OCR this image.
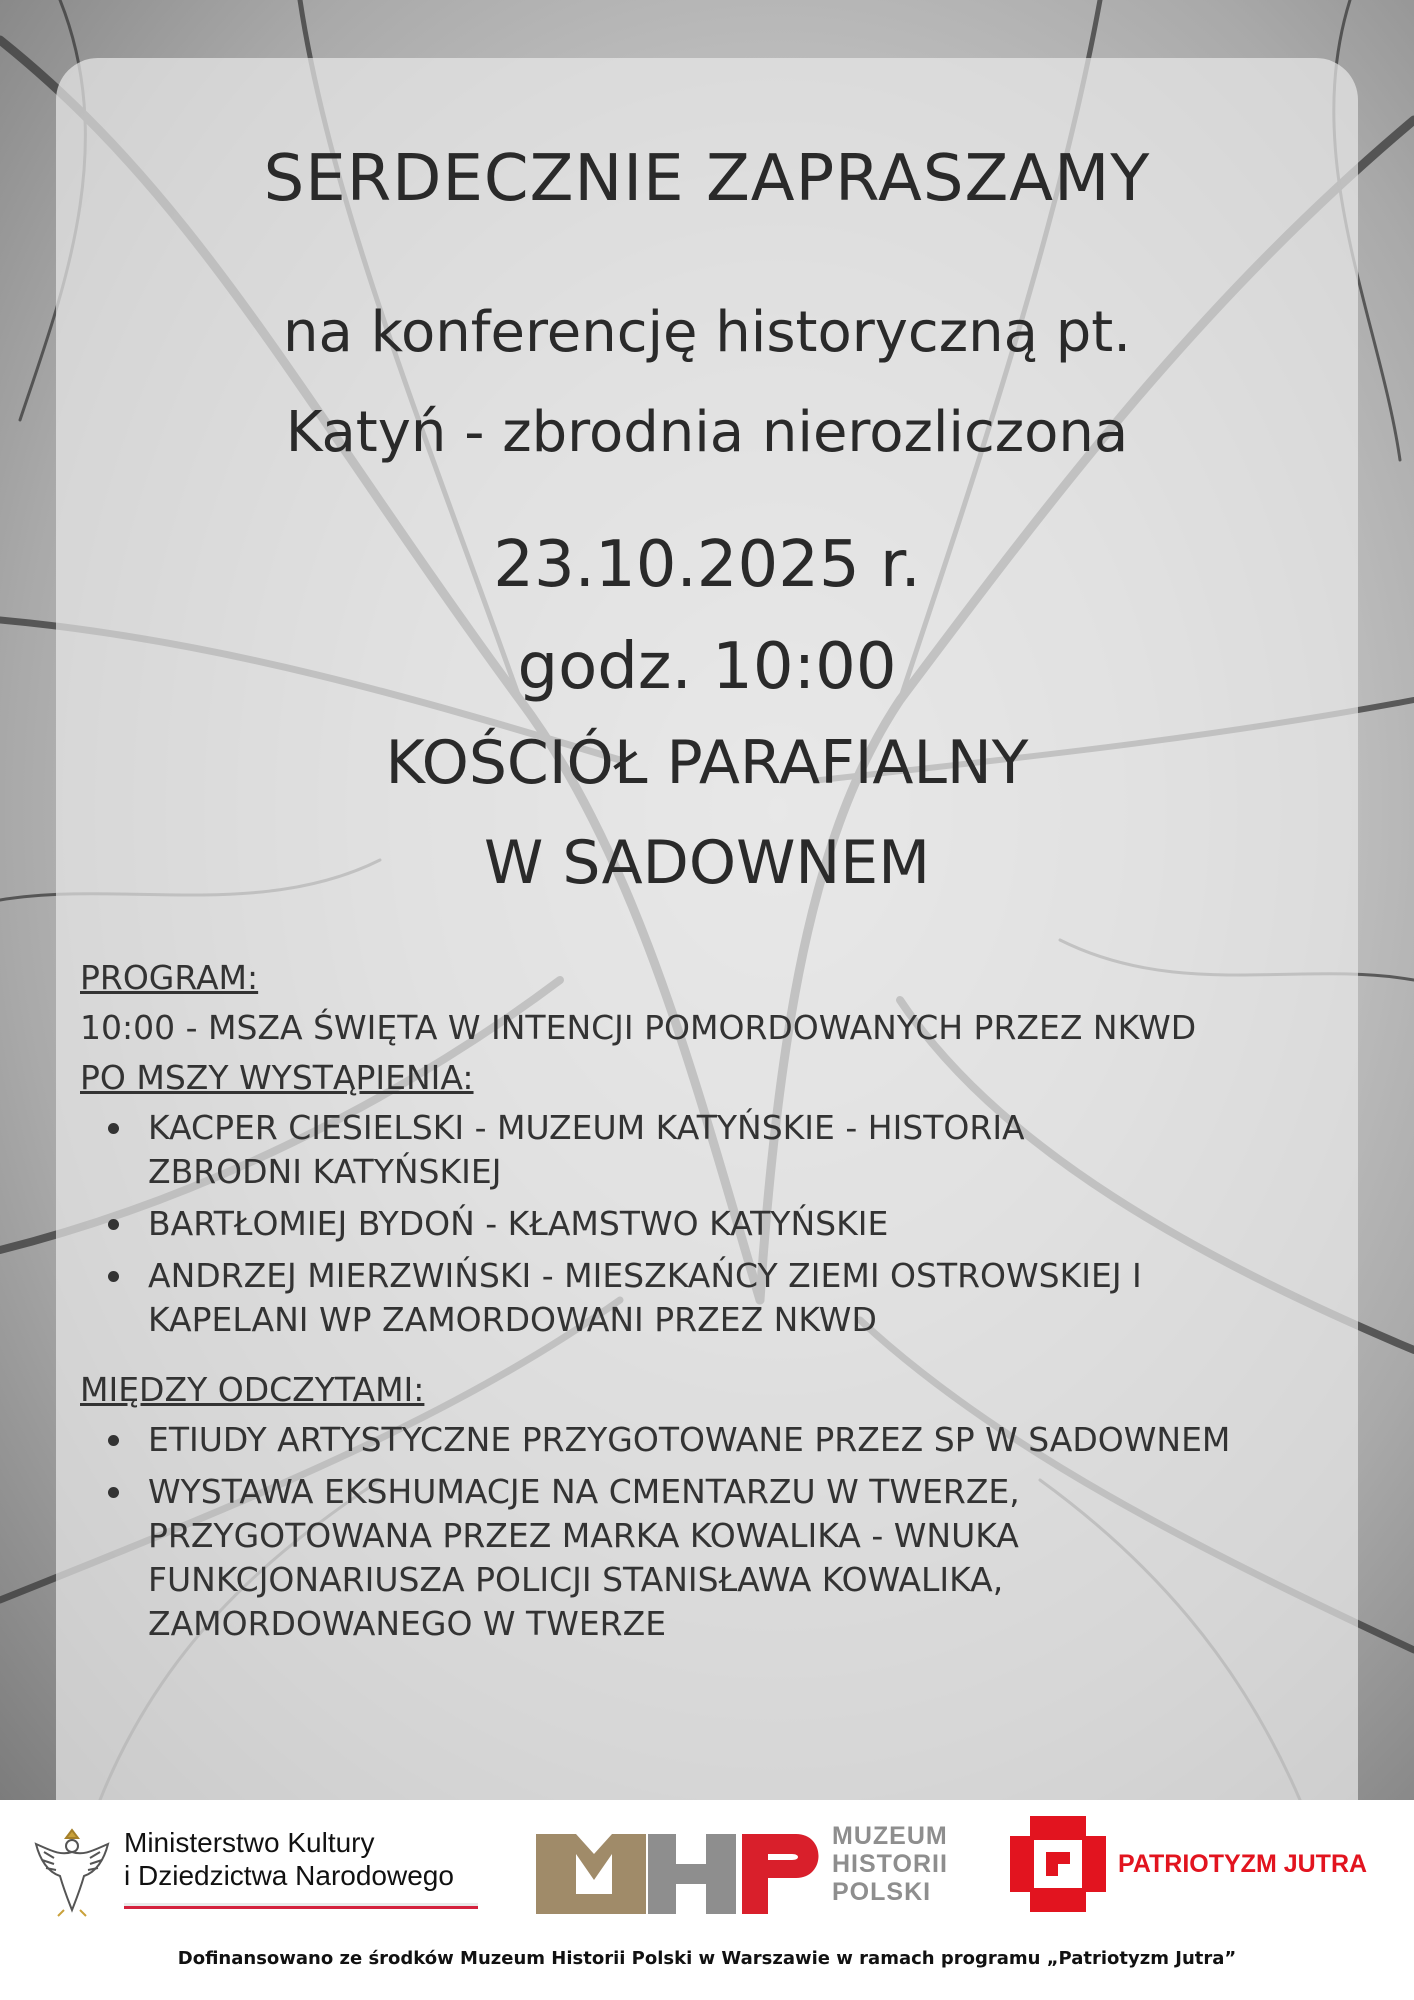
SERDECZNIE ZAPRASZAMY
na konferencję historyczną pt.
Katyń - zbrodnia nierozliczona
23.10.2025 r.
godz. 10:00
KOŚCIÓŁ PARAFIALNY
W SADOWNEM
PROGRAM:
10:00 - MSZA ŚWIĘTA W INTENCJI POMORDOWANYCH PRZEZ NKWD
PO MSZY WYSTĄPIENIA:
KACPER CIESIELSKI - MUZEUM KATYŃSKIE - HISTORIA ZBRODNI KATYŃSKIEJ
BARTŁOMIEJ BYDOŃ - KŁAMSTWO KATYŃSKIE
ANDRZEJ MIERZWIŃSKI - MIESZKAŃCY ZIEMI OSTROWSKIEJ I KAPELANI WP ZAMORDOWANI PRZEZ NKWD
MIĘDZY ODCZYTAMI:
ETIUDY ARTYSTYCZNE PRZYGOTOWANE PRZEZ SP W SADOWNEM
WYSTAWA EKSHUMACJE NA CMENTARZU W TWERZE, PRZYGOTOWANA PRZEZ MARKA KOWALIKA - WNUKA FUNKCJONARIUSZA POLICJI STANISŁAWA KOWALIKA, ZAMORDOWANEGO W TWERZE
Ministerstwo Kultury
i Dziedzictwa Narodowego
MUZEUM
HISTORII
POLSKI
PATRIOTYZM JUTRA
Dofinansowano ze środków Muzeum Historii Polski w Warszawie w ramach programu „Patriotyzm Jutra”
